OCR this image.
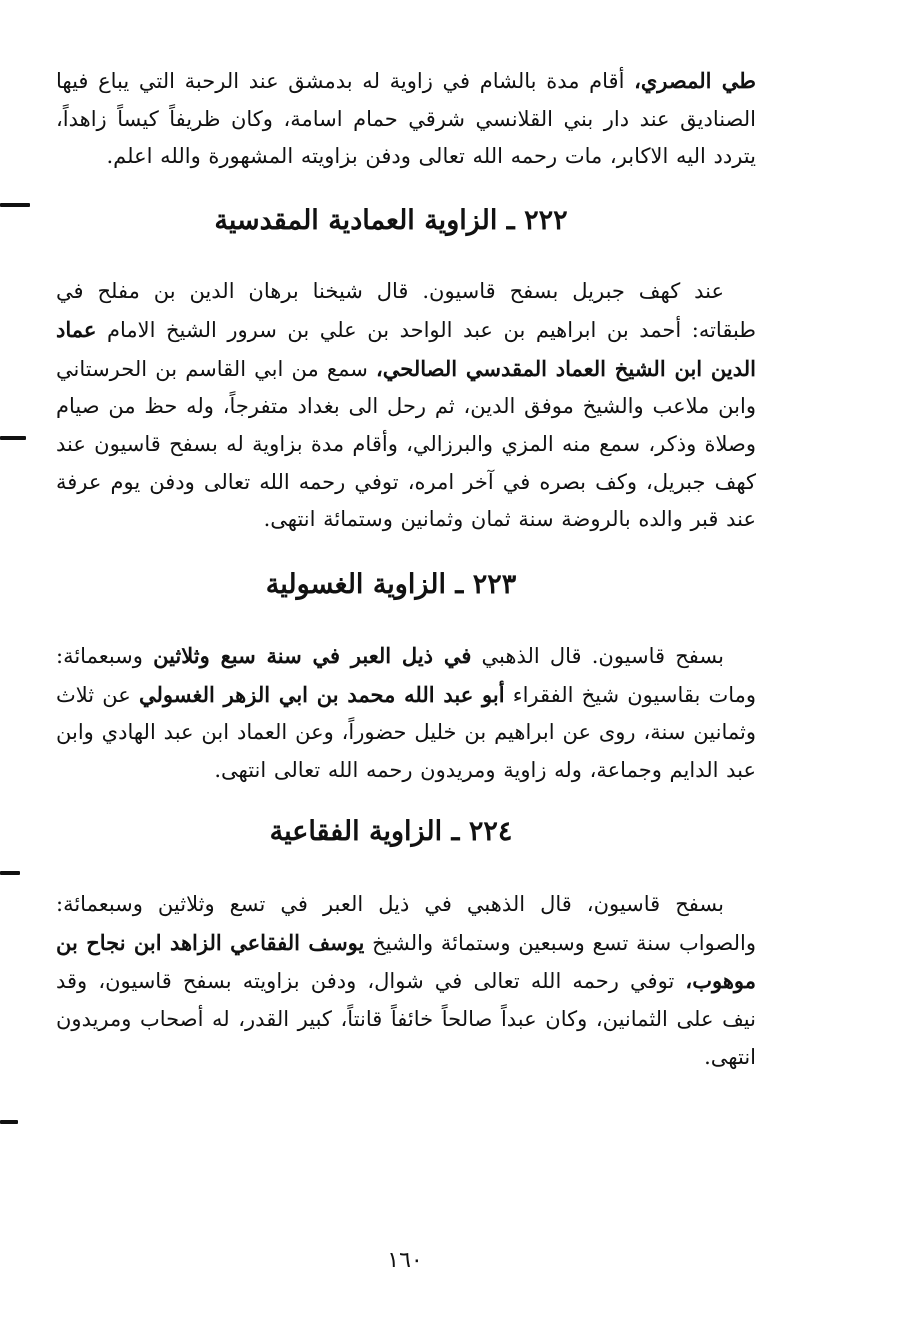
طي المصري، أقام مدة بالشام في زاوية له بدمشق عند الرحبة التي يباع فيها الصناديق عند دار بني القلانسي شرقي حمام اسامة، وكان ظريفاً كيساً زاهداً، يتردد اليه الاكابر، مات رحمه الله تعالى ودفن بزاويته المشهورة والله اعلم.

٢٢٢ ـ الزاوية العمادية المقدسية

عند كهف جبريل بسفح قاسيون. قال شيخنا برهان الدين بن مفلح في طبقاته: أحمد بن ابراهيم بن عبد الواحد بن علي بن سرور الشيخ الامام عماد الدين ابن الشيخ العماد المقدسي الصالحي، سمع من ابي القاسم بن الحرستاني وابن ملاعب والشيخ موفق الدين، ثم رحل الى بغداد متفرجاً، وله حظ من صيام وصلاة وذكر، سمع منه المزي والبرزالي، وأقام مدة بزاوية له بسفح قاسيون عند كهف جبريل، وكف بصره في آخر امره، توفي رحمه الله تعالى ودفن يوم عرفة عند قبر والده بالروضة سنة ثمان وثمانين وستمائة انتهى.

٢٢٣ ـ الزاوية الغسولية

بسفح قاسيون. قال الذهبي في ذيل العبر في سنة سبع وثلاثين وسبعمائة: ومات بقاسيون شيخ الفقراء أبو عبد الله محمد بن ابي الزهر الغسولي عن ثلاث وثمانين سنة، روى عن ابراهيم بن خليل حضوراً، وعن العماد ابن عبد الهادي وابن عبد الدايم وجماعة، وله زاوية ومريدون رحمه الله تعالى انتهى.

٢٢٤ ـ الزاوية الفقاعية

بسفح قاسيون، قال الذهبي في ذيل العبر في تسع وثلاثين وسبعمائة: والصواب سنة تسع وسبعين وستمائة والشيخ يوسف الفقاعي الزاهد ابن نجاح بن موهوب، توفي رحمه الله تعالى في شوال، ودفن بزاويته بسفح قاسيون، وقد نيف على الثمانين، وكان عبداً صالحاً خائفاً قانتاً، كبير القدر، له أصحاب ومريدون انتهى.

١٦٠
